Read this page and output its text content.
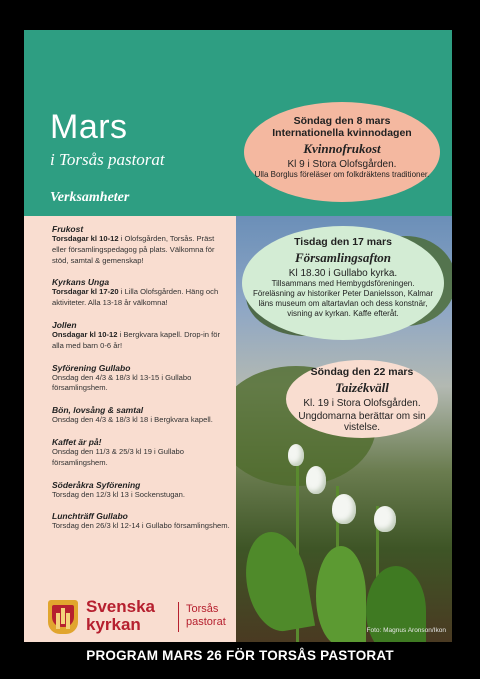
Mars
i Torsås pastorat
Verksamheter
Foto: Magnus Aronson/Ikon
Söndag den 8 mars
Internationella kvinnodagen
Kvinnofrukost
Kl 9 i Stora Olofsgården.
Ulla Borglus föreläser om folkdräktens traditioner.
Tisdag den 17 mars
Församlingsafton
Kl 18.30 i Gullabo kyrka.
Tillsammans med Hembygdsföreningen. Föreläsning av historiker Peter Danielsson, Kalmar läns museum om altartavlan och dess konstnär, visning av kyrkan. Kaffe efteråt.
Söndag den 22 mars
Taizékväll
Kl. 19 i Stora Olofsgården.
Ungdomarna berättar om sin vistelse.
Frukost
Torsdagar kl 10-12 i Olofsgården, Torsås. Präst eller församlingspedagog på plats. Välkomna för stöd, samtal & gemenskap!
Kyrkans Unga
Torsdagar kl 17-20 i Lilla Olofsgården. Häng och aktiviteter. Alla 13-18 år välkomna!
Jollen
Onsdagar kl 10-12 i Bergkvara kapell. Drop-in för alla med barn 0-6 år!
Syförening Gullabo
Onsdag den 4/3 & 18/3 kl 13-15 i Gullabo församlingshem.
Bön, lovsång & samtal
Onsdag den 4/3 & 18/3 kl 18 i Bergkvara kapell.
Kaffet är på!
Onsdag den 11/3 & 25/3 kl 19 i Gullabo församlingshem.
Söderåkra Syförening
Torsdag den 12/3 kl 13 i Sockenstugan.
Lunchträff Gullabo
Torsdag den 26/3 kl 12-14 i Gullabo församlingshem.
Svenska
kyrkan
Torsås
pastorat
PROGRAM MARS 26 FÖR TORSÅS PASTORAT
